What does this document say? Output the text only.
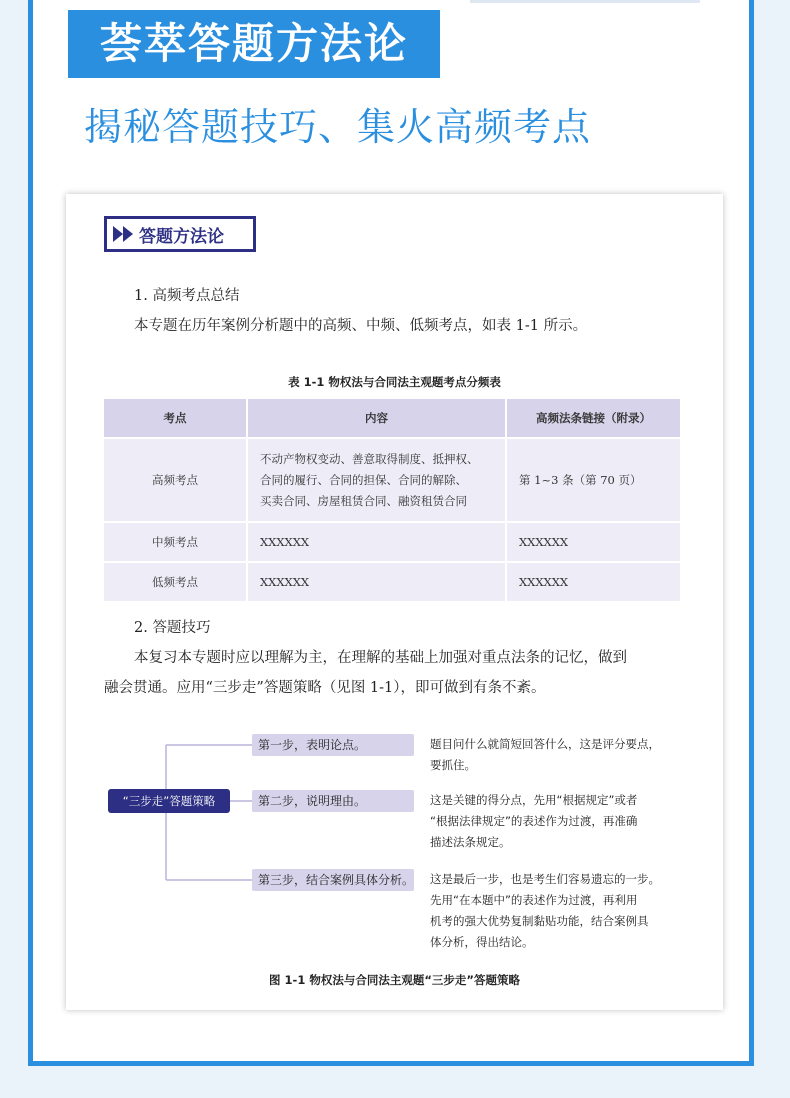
荟萃答题方法论
揭秘答题技巧、集火高频考点
答题方法论
1. 高频考点总结
本专题在历年案例分析题中的高频、中频、低频考点，如表 1-1 所示。
表 1-1 物权法与合同法主观题考点分频表
考点	内容	高频法条链接（附录）
高频考点	不动产物权变动、善意取得制度、抵押权、
合同的履行、合同的担保、合同的解除、
买卖合同、房屋租赁合同、融资租赁合同	第 1~3 条（第 70 页）
中频考点	XXXXXX	XXXXXX
低频考点	XXXXXX	XXXXXX
2. 答题技巧
本复习本专题时应以理解为主，在理解的基础上加强对重点法条的记忆，做到
融会贯通。应用“三步走”答题策略（见图 1-1），即可做到有条不紊。
“三步走”答题策略
第一步，表明论点。	题目问什么就简短回答什么，这是评分要点，
要抓住。
第二步，说明理由。	这是关键的得分点，先用“根据规定”或者
“根据法律规定”的表述作为过渡，再准确
描述法条规定。
第三步，结合案例具体分析。 这是最后一步，也是考生们容易遗忘的一步。
先用“在本题中”的表述作为过渡，再利用
机考的强大优势复制黏贴功能，结合案例具
体分析，得出结论。
图 1-1 物权法与合同法主观题“三步走”答题策略
